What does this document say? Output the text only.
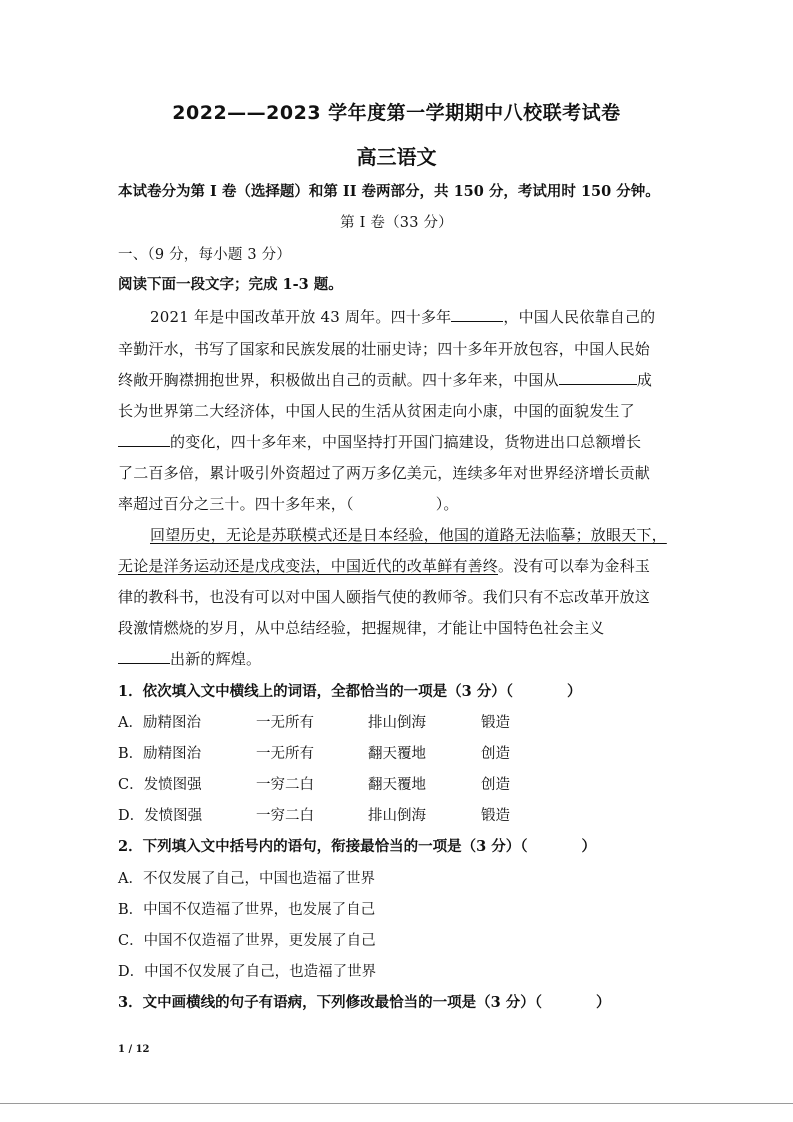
2022——2023 学年度第一学期期中八校联考试卷
高三语文
本试卷分为第 I 卷（选择题）和第 II 卷两部分，共 150 分，考试用时 150 分钟。
第 I 卷（33 分）
一、（9 分，每小题 3 分）
阅读下面一段文字；完成 1-3 题。
2021 年是中国改革开放 43 周年。四十多年	，中国人民依靠自己的
辛勤汗水，书写了国家和民族发展的壮丽史诗；四十多年开放包容，中国人民始
终敞开胸襟拥抱世界，积极做出自己的贡献。四十多年来，中国从	成
长为世界第二大经济体，中国人民的生活从贫困走向小康，中国的面貌发生了
的变化，四十多年来，中国坚持打开国门搞建设，货物进出口总额增长
了二百多倍，累计吸引外资超过了两万多亿美元，连续多年对世界经济增长贡献
率超过百分之三十。四十多年来，（	）。
回望历史，无论是苏联模式还是日本经验，他国的道路无法临摹；放眼天下，
无论是洋务运动还是戊戌变法，中国近代的改革鲜有善终。没有可以奉为金科玉
律的教科书，也没有可以对中国人颐指气使的教师爷。我们只有不忘改革开放这
段激情燃烧的岁月，从中总结经验，把握规律，才能让中国特色社会主义
出新的辉煌。
1．依次填入文中横线上的词语，全都恰当的一项是（3 分）（	）
A．励精图治	一无所有	排山倒海	锻造
B．励精图治	一无所有	翻天覆地	创造
C．发愤图强	一穷二白	翻天覆地	创造
D．发愤图强	一穷二白	排山倒海	锻造
2．下列填入文中括号内的语句，衔接最恰当的一项是（3 分）（	）
A．不仅发展了自己，中国也造福了世界
B．中国不仅造福了世界，也发展了自己
C．中国不仅造福了世界，更发展了自己
D．中国不仅发展了自己，也造福了世界
3．文中画横线的句子有语病，下列修改最恰当的一项是（3 分）（	）
1 / 12
